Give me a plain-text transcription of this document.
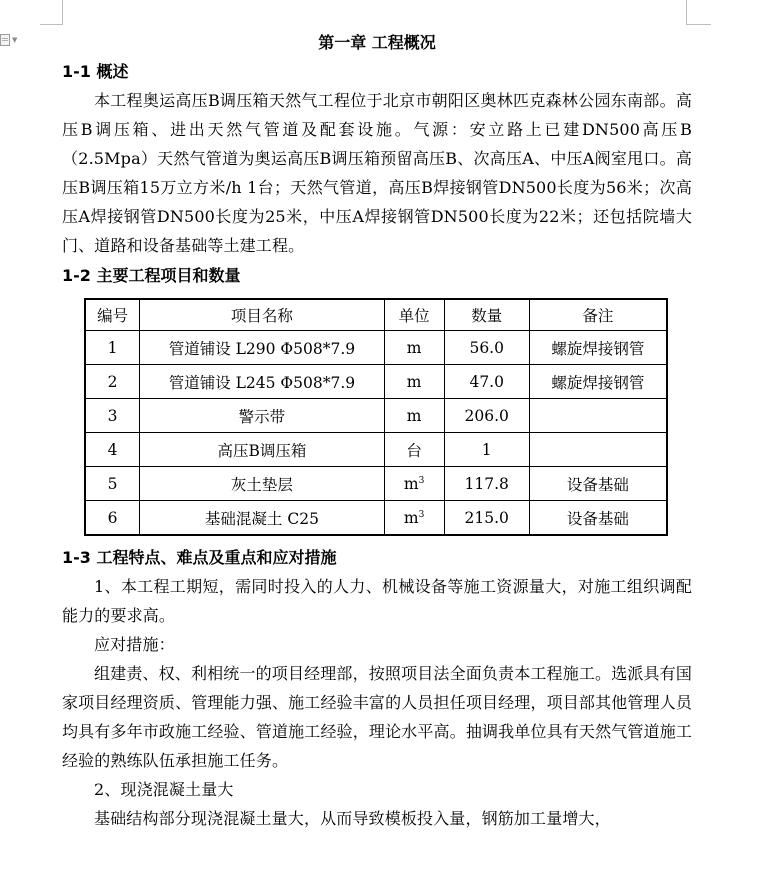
▼	第一章 工程概况
1-1 概述

本工程奥运高压B调压箱天然气工程位于北京市朝阳区奥林匹克森林公园东南部。高压B调压箱、进出天然气管道及配套设施。气源：安立路上已建DN500高压B（2.5Mpa）天然气管道为奥运高压B调压箱预留高压B、次高压A、中压A阀室甩口。高压B调压箱15万立方米/h 1台；天然气管道，高压B焊接钢管DN500长度为56米；次高压A焊接钢管DN500长度为25米，中压A焊接钢管DN500长度为22米；还包括院墙大门、道路和设备基础等土建工程。

1-2 主要工程项目和数量
编号	项目名称	单位	数量	备注
1	管道铺设 L290 Φ508*7.9	m	56.0	螺旋焊接钢管
2	管道铺设 L245 Φ508*7.9	m	47.0	螺旋焊接钢管
3	警示带	m	206.0	
4	高压B调压箱	台	1	
5	灰土垫层	$m^3$	117.8	设备基础
6	基础混凝土 C25	$m^3$	215.0	设备基础
1-3 工程特点、难点及重点和应对措施

1、本工程工期短，需同时投入的人力、机械设备等施工资源量大，对施工组织调配能力的要求高。

应对措施：

组建责、权、利相统一的项目经理部，按照项目法全面负责本工程施工。选派具有国家项目经理资质、管理能力强、施工经验丰富的人员担任项目经理，项目部其他管理人员均具有多年市政施工经验、管道施工经验，理论水平高。抽调我单位具有天然气管道施工经验的熟练队伍承担施工任务。

2、现浇混凝土量大

基础结构部分现浇混凝土量大，从而导致模板投入量，钢筋加工量增大，
